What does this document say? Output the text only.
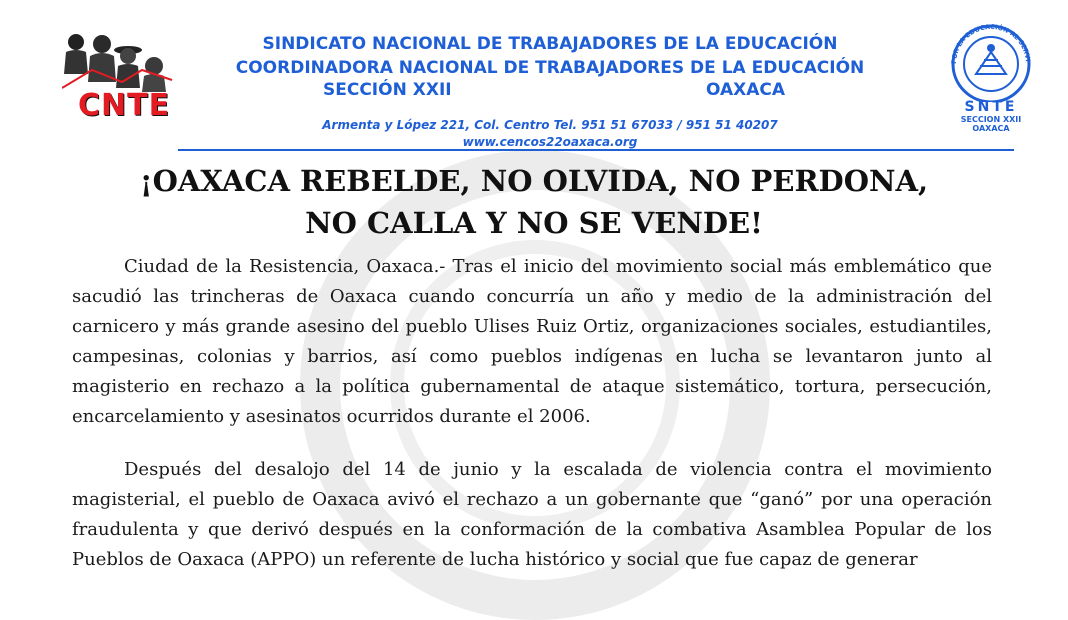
CNTE
SINDICATO NACIONAL DE TRABAJADORES DE LA EDUCACIÓN
COORDINADORA NACIONAL DE TRABAJADORES DE LA EDUCACIÓN
SECCIÓN XXII	OAXACA
Armenta y López 221, Col. Centro Tel. 951 51 67033 / 951 51 40207
www.cencos22oaxaca.org
POR LA EDUCACIÓN AL SERVI
SNTE
SECCION XXII
OAXACA
¡OAXACA REBELDE, NO OLVIDA, NO PERDONA,
NO CALLA Y NO SE VENDE!

Ciudad de la Resistencia, Oaxaca.- Tras el inicio del movimiento social más emblemático que sacudió las trincheras de Oaxaca cuando concurría un año y medio de la administración del carnicero y más grande asesino del pueblo Ulises Ruiz Ortiz, organizaciones sociales, estudiantiles, campesinas, colonias y barrios, así como pueblos indígenas en lucha se levantaron junto al magisterio en rechazo a la política gubernamental de ataque sistemático, tortura, persecución, encarcelamiento y asesinatos ocurridos durante el 2006.

Después del desalojo del 14 de junio y la escalada de violencia contra el movimiento magisterial, el pueblo de Oaxaca avivó el rechazo a un gobernante que “ganó” por una operación fraudulenta y que derivó después en la conformación de la combativa Asamblea Popular de los Pueblos de Oaxaca (APPO) un referente de lucha histórico y social que fue capaz de generar
